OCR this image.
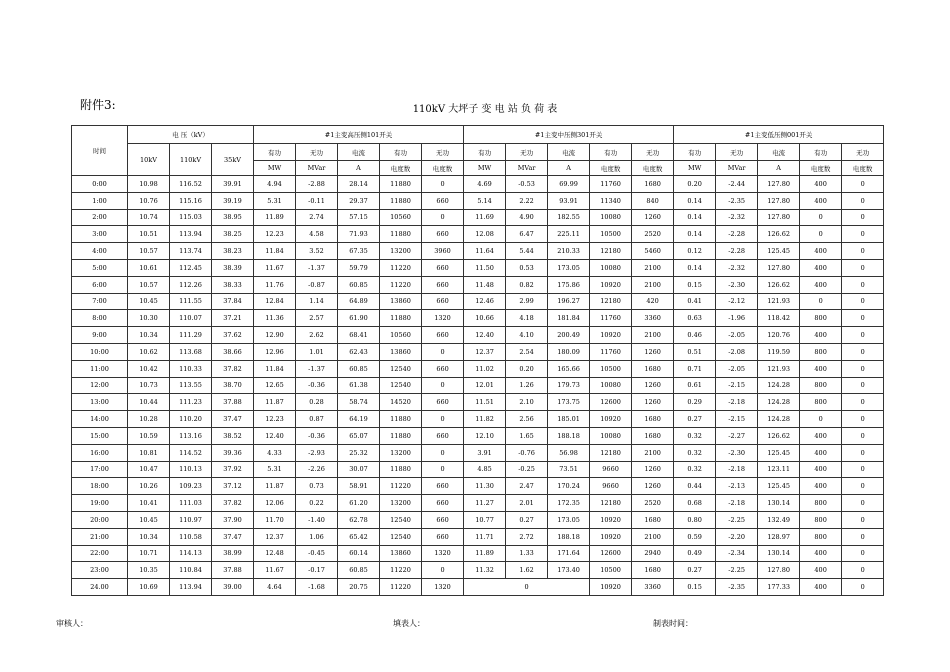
附件3:	110kV 大坪子 变 电 站 负 荷 表
时间	电 压（kV）			#1主变高压侧101开关					#1主变中压侧301开关					#1主变低压侧001开关				
	10kV	110kV	35kV	有功	无功	电流	有功	无功	有功	无功	电流	有功	无功	有功	无功	电流	有功	无功
				MW	MVar	A	电度数	电度数	MW	MVar	A	电度数	电度数	MW	MVar	A	电度数	电度数
0:00	10.98	116.52	39.91	4.94	-2.88	28.14	11880	0	4.69	-0.53	69.99	11760	1680	0.20	-2.44	127.80	400	0
1:00	10.76	115.16	39.19	5.31	-0.11	29.37	11880	660	5.14	2.22	93.91	11340	840	0.14	-2.35	127.80	400	0
2:00	10.74	115.03	38.95	11.89	2.74	57.15	10560	0	11.69	4.90	182.55	10080	1260	0.14	-2.32	127.80	0	0
3:00	10.51	113.94	38.25	12.23	4.58	71.93	11880	660	12.08	6.47	225.11	10500	2520	0.14	-2.28	126.62	0	0
4:00	10.57	113.74	38.23	11.84	3.52	67.35	13200	3960	11.64	5.44	210.33	12180	5460	0.12	-2.28	125.45	400	0
5:00	10.61	112.45	38.39	11.67	-1.37	59.79	11220	660	11.50	0.53	173.05	10080	2100	0.14	-2.32	127.80	400	0
6:00	10.57	112.26	38.33	11.76	-0.87	60.85	11220	660	11.48	0.82	175.86	10920	2100	0.15	-2.30	126.62	400	0
7:00	10.45	111.55	37.84	12.84	1.14	64.89	13860	660	12.46	2.99	196.27	12180	420	0.41	-2.12	121.93	0	0
8:00	10.30	110.07	37.21	11.36	2.57	61.90	11880	1320	10.66	4.18	181.84	11760	3360	0.63	-1.96	118.42	800	0
9:00	10.34	111.29	37.62	12.90	2.62	68.41	10560	660	12.40	4.10	200.49	10920	2100	0.46	-2.05	120.76	400	0
10:00	10.62	113.68	38.66	12.96	1.01	62.43	13860	0	12.37	2.54	180.09	11760	1260	0.51	-2.08	119.59	800	0
11:00	10.42	110.33	37.82	11.84	-1.37	60.85	12540	660	11.02	0.20	165.66	10500	1680	0.71	-2.05	121.93	400	0
12:00	10.73	113.55	38.70	12.65	-0.36	61.38	12540	0	12.01	1.26	179.73	10080	1260	0.61	-2.15	124.28	800	0
13:00	10.44	111.23	37.88	11.87	0.28	58.74	14520	660	11.51	2.10	173.75	12600	1260	0.29	-2.18	124.28	800	0
14:00	10.28	110.20	37.47	12.23	0.87	64.19	11880	0	11.82	2.56	185.01	10920	1680	0.27	-2.15	124.28	0	0
15:00	10.59	113.16	38.52	12.40	-0.36	65.07	11880	660	12.10	1.65	188.18	10080	1680	0.32	-2.27	126.62	400	0
16:00	10.81	114.52	39.36	4.33	-2.93	25.32	13200	0	3.91	-0.76	56.98	12180	2100	0.32	-2.30	125.45	400	0
17:00	10.47	110.13	37.92	5.31	-2.26	30.07	11880	0	4.85	-0.25	73.51	9660	1260	0.32	-2.18	123.11	400	0
18:00	10.26	109.23	37.12	11.87	0.73	58.91	11220	660	11.30	2.47	170.24	9660	1260	0.44	-2.13	125.45	400	0
19:00	10.41	111.03	37.82	12.06	0.22	61.20	13200	660	11.27	2.01	172.35	12180	2520	0.68	-2.18	130.14	800	0
20:00	10.45	110.97	37.90	11.70	-1.40	62.78	12540	660	10.77	0.27	173.05	10920	1680	0.80	-2.25	132.49	800	0
21:00	10.34	110.58	37.47	12.37	1.06	65.42	12540	660	11.71	2.72	188.18	10920	2100	0.59	-2.20	128.97	800	0
22:00	10.71	114.13	38.99	12.48	-0.45	60.14	13860	1320	11.89	1.33	171.64	12600	2940	0.49	-2.34	130.14	400	0
23:00	10.35	110.84	37.88	11.67	-0.17	60.85	11220	0	11.32	1.62	173.40	10500	1680	0.27	-2.25	127.80	400	0
24.00	10.69	113.94	39.00	4.64	-1.68	20.75	11220	1320	0			10920	3360	0.15	-2.35	177.33	400	0
审核人：	填表人：	制表时间：
